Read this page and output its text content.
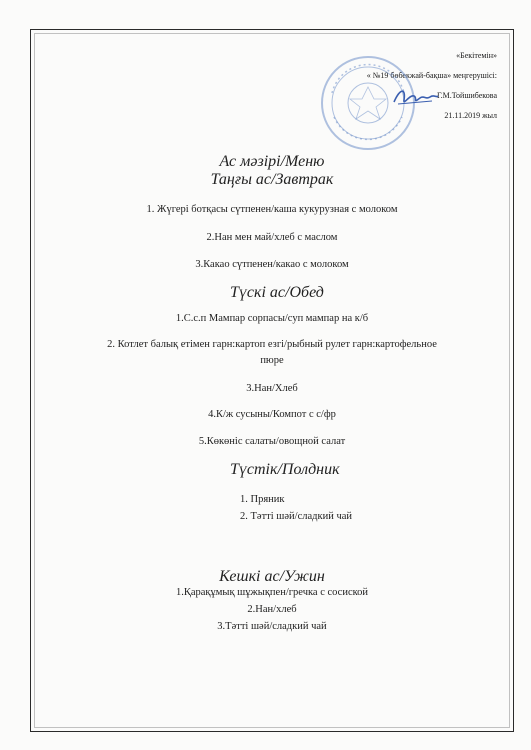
«Бекітемін»
« №19 бөбекжай-бақша» меңгерушісі:
Г.М.Тойшибекова
21.11.2019 жыл
Ас мәзірі/Меню
Таңғы ас/Завтрак
1. Жүгері ботқасы сүтпенен/каша кукурузная с молоком
2.Нан мен май/хлеб с маслом
3.Какао сүтпенен/какао с молоком
Түскі ас/Обед
1.С.с.п Мампар сорпасы/суп мампар на к/б
2. Котлет балық етімен гарн:картоп езгі/рыбный рулет гарн:картофельное
пюре
3.Нан/Хлеб
4.К/ж сусыны/Компот с с/фр
5.Көкөніс салаты/овощной салат
Түстік/Полдник
1. Пряник
2. Тәтті шәй/сладкий чай
Кешкі ас/Ужин
1.Қарақұмық шұжықпен/гречка с сосиской
2.Нан/хлеб
3.Тәтті шәй/сладкий чай
